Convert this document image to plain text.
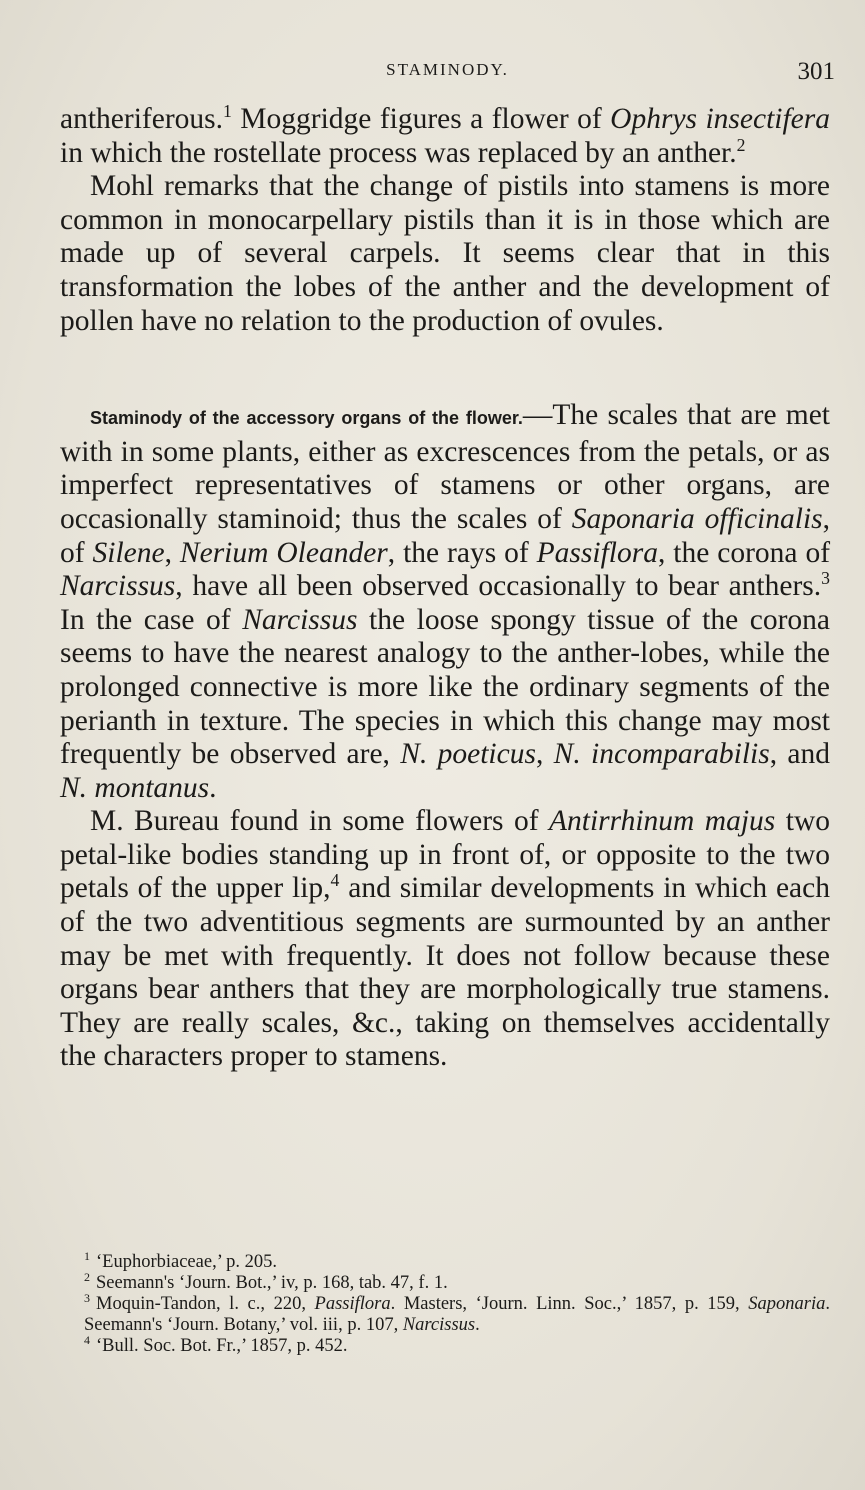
STAMINODY.	301

antheriferous.$^1$ Moggridge figures a flower of Ophrys insectifera in which the rostellate process was replaced by an anther.$^2$

Mohl remarks that the change of pistils into stamens is more common in monocarpellary pistils than it is in those which are made up of several carpels. It seems clear that in this transformation the lobes of the anther and the development of pollen have no relation to the production of ovules.

Staminody of the accessory organs of the flower.—The scales that are met with in some plants, either as excrescences from the petals, or as imperfect representatives of stamens or other organs, are occasionally staminoid; thus the scales of Saponaria officinalis, of Silene, Nerium Oleander, the rays of Passiflora, the corona of Narcissus, have all been observed occasionally to bear anthers.$^3$ In the case of Narcissus the loose spongy tissue of the corona seems to have the nearest analogy to the anther-lobes, while the prolonged connective is more like the ordinary segments of the perianth in texture. The species in which this change may most frequently be observed are, N. poeticus, N. incomparabilis, and N. montanus.

M. Bureau found in some flowers of Antirrhinum majus two petal-like bodies standing up in front of, or opposite to the two petals of the upper lip,$^4$ and similar developments in which each of the two adventitious segments are surmounted by an anther may be met with frequently. It does not follow because these organs bear anthers that they are morphologically true stamens. They are really scales, &c., taking on themselves accidentally the characters proper to stamens.

$^1$ ‘Euphorbiaceae,’ p. 205.

$^2$ Seemann's ‘Journ. Bot.,’ iv, p. 168, tab. 47, f. 1.

$^3$ Moquin-Tandon, l. c., 220, Passiflora. Masters, ‘Journ. Linn. Soc.,’ 1857, p. 159, Saponaria. Seemann's ‘Journ. Botany,’ vol. iii, p. 107, Narcissus.

$^4$ ‘Bull. Soc. Bot. Fr.,’ 1857, p. 452.
